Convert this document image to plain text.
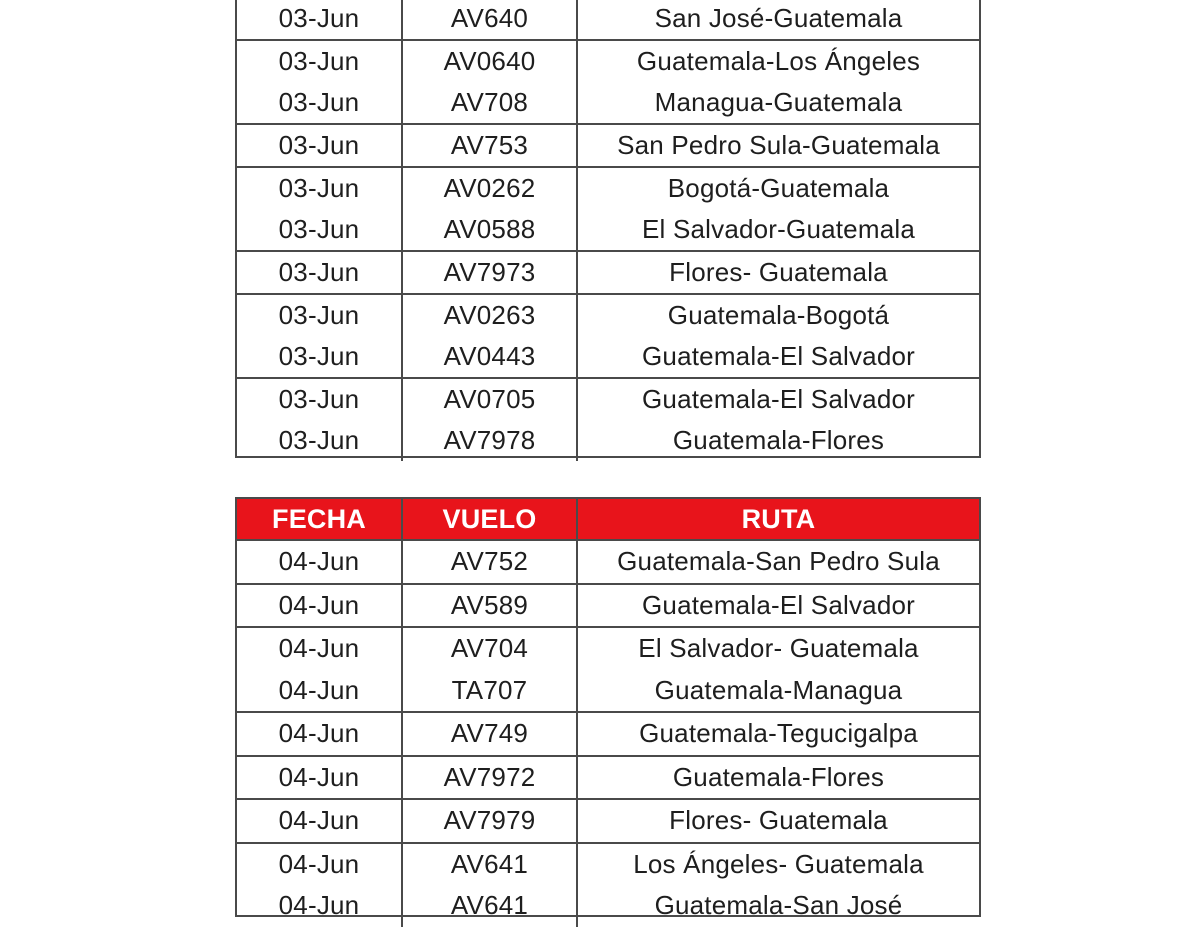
03-Jun	AV640	San José-Guatemala
03-Jun	AV0640	Guatemala-Los Ángeles
03-Jun	AV708	Managua-Guatemala
03-Jun	AV753	San Pedro Sula-Guatemala
03-Jun	AV0262	Bogotá-Guatemala
03-Jun	AV0588	El Salvador-Guatemala
03-Jun	AV7973	Flores- Guatemala
03-Jun	AV0263	Guatemala-Bogotá
03-Jun	AV0443	Guatemala-El Salvador
03-Jun	AV0705	Guatemala-El Salvador
03-Jun	AV7978	Guatemala-Flores
FECHA	VUELO	RUTA
04-Jun	AV752	Guatemala-San Pedro Sula
04-Jun	AV589	Guatemala-El Salvador
04-Jun	AV704	El Salvador- Guatemala
04-Jun	TA707	Guatemala-Managua
04-Jun	AV749	Guatemala-Tegucigalpa
04-Jun	AV7972	Guatemala-Flores
04-Jun	AV7979	Flores- Guatemala
04-Jun	AV641	Los Ángeles- Guatemala
04-Jun	AV641	Guatemala-San José
